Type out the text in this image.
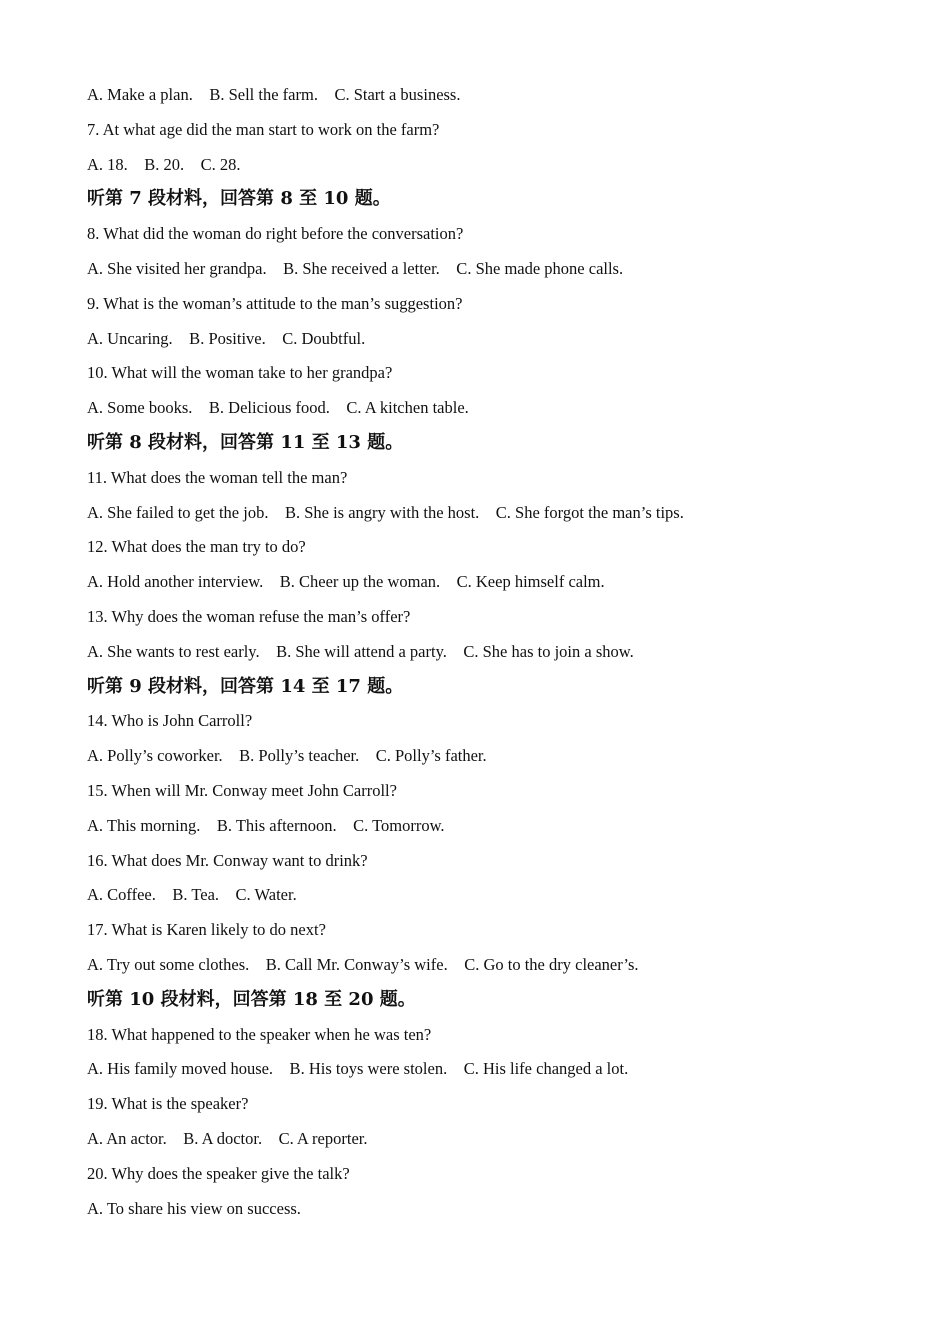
A. Make a plan.    B. Sell the farm.    C. Start a business.
7. At what age did the man start to work on the farm?
A. 18.    B. 20.    C. 28.
听第 7 段材料，回答第 8 至 10 题。
8. What did the woman do right before the conversation?
A. She visited her grandpa.    B. She received a letter.    C. She made phone calls.
9. What is the woman’s attitude to the man’s suggestion?
A. Uncaring.    B. Positive.    C. Doubtful.
10. What will the woman take to her grandpa?
A. Some books.    B. Delicious food.    C. A kitchen table.
听第 8 段材料，回答第 11 至 13 题。
11. What does the woman tell the man?
A. She failed to get the job.    B. She is angry with the host.    C. She forgot the man’s tips.
12. What does the man try to do?
A. Hold another interview.    B. Cheer up the woman.    C. Keep himself calm.
13. Why does the woman refuse the man’s offer?
A. She wants to rest early.    B. She will attend a party.    C. She has to join a show.
听第 9 段材料，回答第 14 至 17 题。
14. Who is John Carroll?
A. Polly’s coworker.    B. Polly’s teacher.    C. Polly’s father.
15. When will Mr. Conway meet John Carroll?
A. This morning.    B. This afternoon.    C. Tomorrow.
16. What does Mr. Conway want to drink?
A. Coffee.    B. Tea.    C. Water.
17. What is Karen likely to do next?
A. Try out some clothes.    B. Call Mr. Conway’s wife.    C. Go to the dry cleaner’s.
听第 10 段材料，回答第 18 至 20 题。
18. What happened to the speaker when he was ten?
A. His family moved house.    B. His toys were stolen.    C. His life changed a lot.
19. What is the speaker?
A. An actor.    B. A doctor.    C. A reporter.
20. Why does the speaker give the talk?
A. To share his view on success.
